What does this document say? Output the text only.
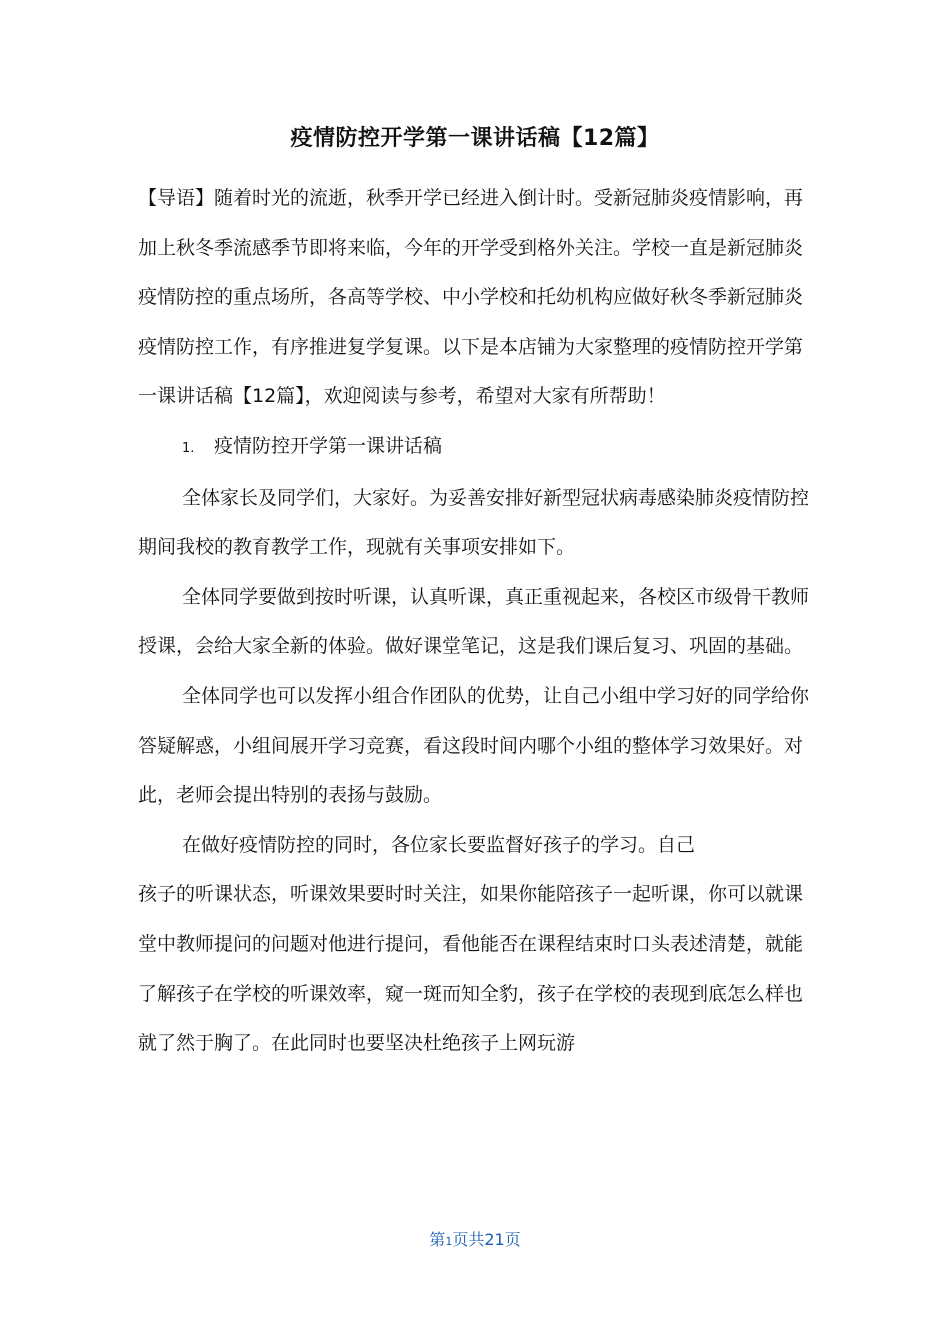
疫情防控开学第一课讲话稿【12篇】

【导语】随着时光的流逝，秋季开学已经进入倒计时。受新冠肺炎疫情影响，再加上秋冬季流感季节即将来临，今年的开学受到格外关注。学校一直是新冠肺炎疫情防控的重点场所，各高等学校、中小学校和托幼机构应做好秋冬季新冠肺炎疫情防控工作，有序推进复学复课。以下是本店铺为大家整理的疫情防控开学第一课讲话稿【12篇】，欢迎阅读与参考，希望对大家有所帮助！

1.	疫情防控开学第一课讲话稿

全体家长及同学们，大家好。为妥善安排好新型冠状病毒感染肺炎疫情防控期间我校的教育教学工作，现就有关事项安排如下。

全体同学要做到按时听课，认真听课，真正重视起来，各校区市级骨干教师授课，会给大家全新的体验。做好课堂笔记，这是我们课后复习、巩固的基础。

全体同学也可以发挥小组合作团队的优势，让自己小组中学习好的同学给你答疑解惑，小组间展开学习竞赛，看这段时间内哪个小组的整体学习效果好。对此，老师会提出特别的表扬与鼓励。

在做好疫情防控的同时，各位家长要监督好孩子的学习。自己

孩子的听课状态，听课效果要时时关注，如果你能陪孩子一起听课，你可以就课堂中教师提问的问题对他进行提问，看他能否在课程结束时口头表述清楚，就能了解孩子在学校的听课效率，窥一斑而知全豹，孩子在学校的表现到底怎么样也就了然于胸了。在此同时也要坚决杜绝孩子上网玩游

第1页共21页
